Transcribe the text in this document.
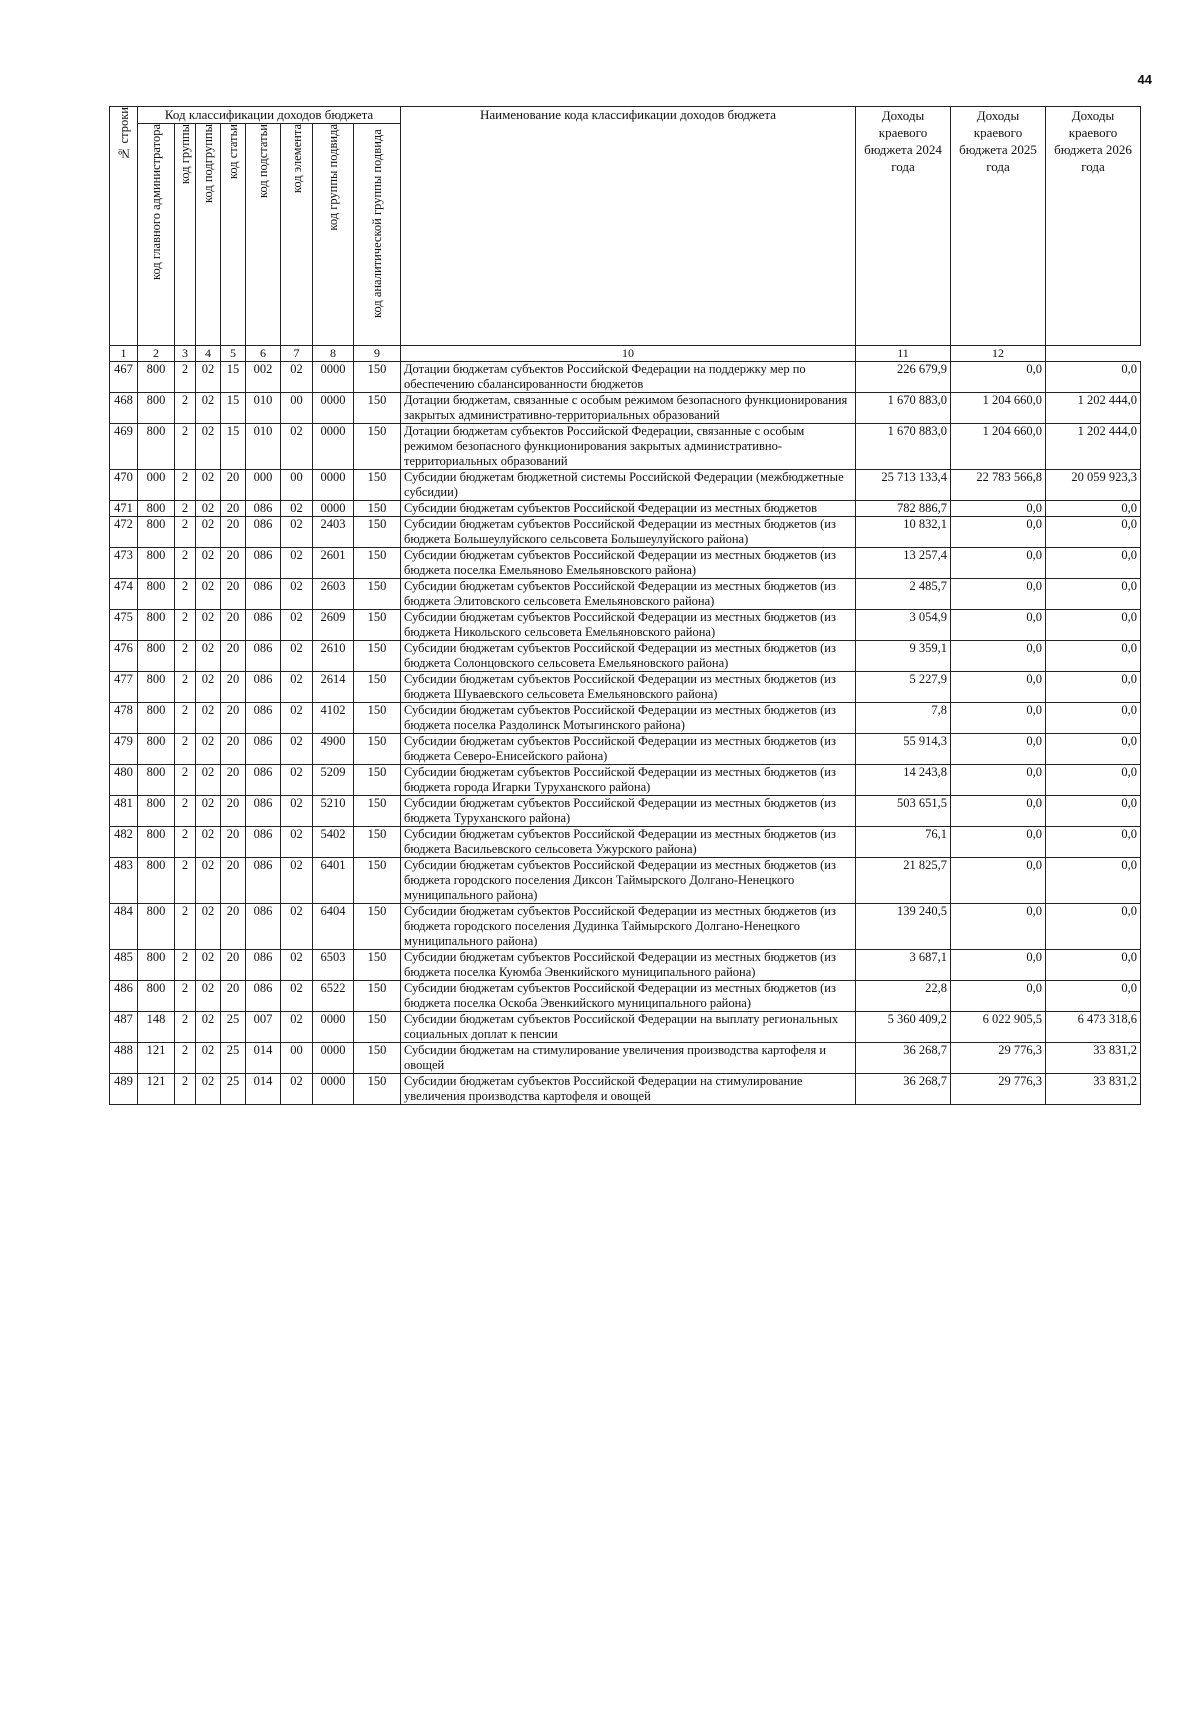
44
№ строки	Код классификации доходов бюджета								Наименование кода классификации доходов бюджета	Доходы краевого бюджета 2024 года	Доходы краевого бюджета 2025 года	Доходы краевого бюджета 2026 года

	код главного администратора	код группы	код подгруппы	код статьи	код подстатьи	код элемента	код группы подвида	код аналитической группы подвида				

1	2	3	4	5	6	7	8	9	10	11	12	
467	800	2	02	15	002	02	0000	150	Дотации бюджетам субъектов Российской Федерации на поддержку мер по обеспечению сбалансированности бюджетов	226 679,9	0,0	0,0
468	800	2	02	15	010	00	0000	150	Дотации бюджетам, связанные с особым режимом безопасного функционирования закрытых административно-территориальных образований	1 670 883,0	1 204 660,0	1 202 444,0
469	800	2	02	15	010	02	0000	150	Дотации бюджетам субъектов Российской Федерации, связанные с особым режимом безопасного функционирования закрытых административно-территориальных образований	1 670 883,0	1 204 660,0	1 202 444,0
470	000	2	02	20	000	00	0000	150	Субсидии бюджетам бюджетной системы Российской Федерации (межбюджетные субсидии)	25 713 133,4	22 783 566,8	20 059 923,3
471	800	2	02	20	086	02	0000	150	Субсидии бюджетам субъектов Российской Федерации из местных бюджетов	782 886,7	0,0	0,0
472	800	2	02	20	086	02	2403	150	Субсидии бюджетам субъектов Российской Федерации из местных бюджетов (из бюджета Большеулуйского сельсовета Большеулуйского района)	10 832,1	0,0	0,0
473	800	2	02	20	086	02	2601	150	Субсидии бюджетам субъектов Российской Федерации из местных бюджетов (из бюджета поселка Емельяново Емельяновского района)	13 257,4	0,0	0,0
474	800	2	02	20	086	02	2603	150	Субсидии бюджетам субъектов Российской Федерации из местных бюджетов (из бюджета Элитовского сельсовета Емельяновского района)	2 485,7	0,0	0,0
475	800	2	02	20	086	02	2609	150	Субсидии бюджетам субъектов Российской Федерации из местных бюджетов (из бюджета Никольского сельсовета Емельяновского района)	3 054,9	0,0	0,0
476	800	2	02	20	086	02	2610	150	Субсидии бюджетам субъектов Российской Федерации из местных бюджетов (из бюджета Солонцовского сельсовета Емельяновского района)	9 359,1	0,0	0,0
477	800	2	02	20	086	02	2614	150	Субсидии бюджетам субъектов Российской Федерации из местных бюджетов (из бюджета Шуваевского сельсовета Емельяновского района)	5 227,9	0,0	0,0
478	800	2	02	20	086	02	4102	150	Субсидии бюджетам субъектов Российской Федерации из местных бюджетов (из бюджета поселка Раздолинск Мотыгинского района)	7,8	0,0	0,0
479	800	2	02	20	086	02	4900	150	Субсидии бюджетам субъектов Российской Федерации из местных бюджетов (из бюджета Северо-Енисейского района)	55 914,3	0,0	0,0
480	800	2	02	20	086	02	5209	150	Субсидии бюджетам субъектов Российской Федерации из местных бюджетов (из бюджета города Игарки Туруханского района)	14 243,8	0,0	0,0
481	800	2	02	20	086	02	5210	150	Субсидии бюджетам субъектов Российской Федерации из местных бюджетов (из бюджета Туруханского района)	503 651,5	0,0	0,0
482	800	2	02	20	086	02	5402	150	Субсидии бюджетам субъектов Российской Федерации из местных бюджетов (из бюджета Васильевского сельсовета Ужурского района)	76,1	0,0	0,0
483	800	2	02	20	086	02	6401	150	Субсидии бюджетам субъектов Российской Федерации из местных бюджетов (из бюджета городского поселения Диксон Таймырского Долгано-Ненецкого муниципального района)	21 825,7	0,0	0,0
484	800	2	02	20	086	02	6404	150	Субсидии бюджетам субъектов Российской Федерации из местных бюджетов (из бюджета городского поселения Дудинка Таймырского Долгано-Ненецкого муниципального района)	139 240,5	0,0	0,0
485	800	2	02	20	086	02	6503	150	Субсидии бюджетам субъектов Российской Федерации из местных бюджетов (из бюджета поселка Куюмба Эвенкийского муниципального района)	3 687,1	0,0	0,0
486	800	2	02	20	086	02	6522	150	Субсидии бюджетам субъектов Российской Федерации из местных бюджетов (из бюджета поселка Оскоба Эвенкийского муниципального района)	22,8	0,0	0,0
487	148	2	02	25	007	02	0000	150	Субсидии бюджетам субъектов Российской Федерации на выплату региональных социальных доплат к пенсии	5 360 409,2	6 022 905,5	6 473 318,6
488	121	2	02	25	014	00	0000	150	Субсидии бюджетам на стимулирование увеличения производства картофеля и овощей	36 268,7	29 776,3	33 831,2
489	121	2	02	25	014	02	0000	150	Субсидии бюджетам субъектов Российской Федерации на стимулирование увеличения производства картофеля и овощей	36 268,7	29 776,3	33 831,2
